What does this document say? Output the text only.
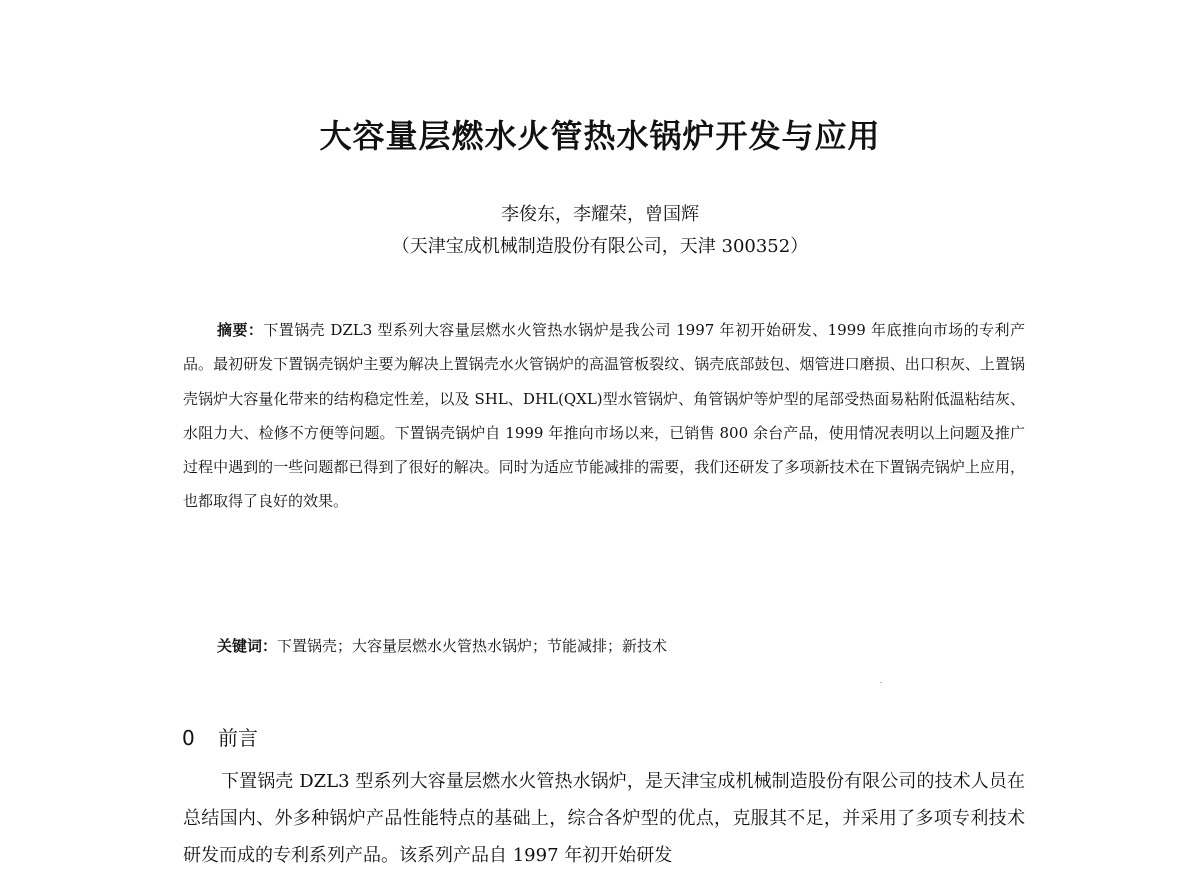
大容量层燃水火管热水锅炉开发与应用
李俊东，李耀荣，曾国辉
（天津宝成机械制造股份有限公司，天津 300352）

摘要：下置锅壳 DZL3 型系列大容量层燃水火管热水锅炉是我公司 1997 年初开始研发、1999 年底推向市场的专利产品。最初研发下置锅壳锅炉主要为解决上置锅壳水火管锅炉的高温管板裂纹、锅壳底部鼓包、烟管进口磨损、出口积灰、上置锅壳锅炉大容量化带来的结构稳定性差，以及 SHL、DHL(QXL)型水管锅炉、角管锅炉等炉型的尾部受热面易粘附低温粘结灰、水阻力大、检修不方便等问题。下置锅壳锅炉自 1999 年推向市场以来，已销售 800 余台产品，使用情况表明以上问题及推广过程中遇到的一些问题都已得到了很好的解决。同时为适应节能减排的需要，我们还研发了多项新技术在下置锅壳锅炉上应用，也都取得了良好的效果。

关键词：下置锅壳；大容量层燃水火管热水锅炉；节能减排；新技术
0 前言

下置锅壳 DZL3 型系列大容量层燃水火管热水锅炉，是天津宝成机械制造股份有限公司的技术人员在总结国内、外多种锅炉产品性能特点的基础上，综合各炉型的优点，克服其不足，并采用了多项专利技术研发而成的专利系列产品。该系列产品自 1997 年初开始研发
